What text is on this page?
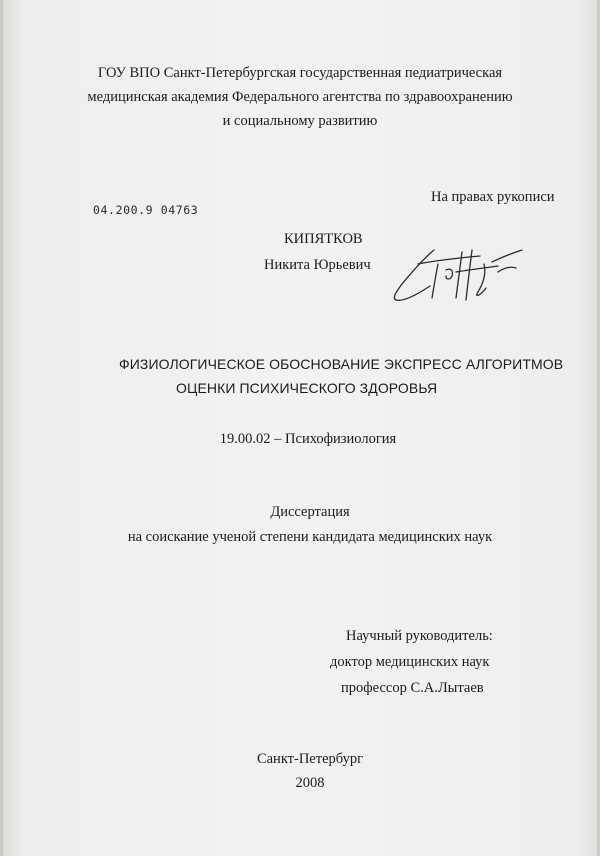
ГОУ ВПО Санкт-Петербургская государственная педиатрическая
медицинская академия Федерального агентства по здравоохранению
и социальному развитию
На правах рукописи
04.200.9 04763
КИПЯТКОВ
Никита Юрьевич
ФИЗИОЛОГИЧЕСКОЕ ОБОСНОВАНИЕ ЭКСПРЕСС АЛГОРИТМОВ
ОЦЕНКИ ПСИХИЧЕСКОГО ЗДОРОВЬЯ
19.00.02 – Психофизиология
Диссертация
на соискание ученой степени кандидата медицинских наук
Научный руководитель:
доктор медицинских наук
профессор С.А.Лытаев
Санкт-Петербург
2008
